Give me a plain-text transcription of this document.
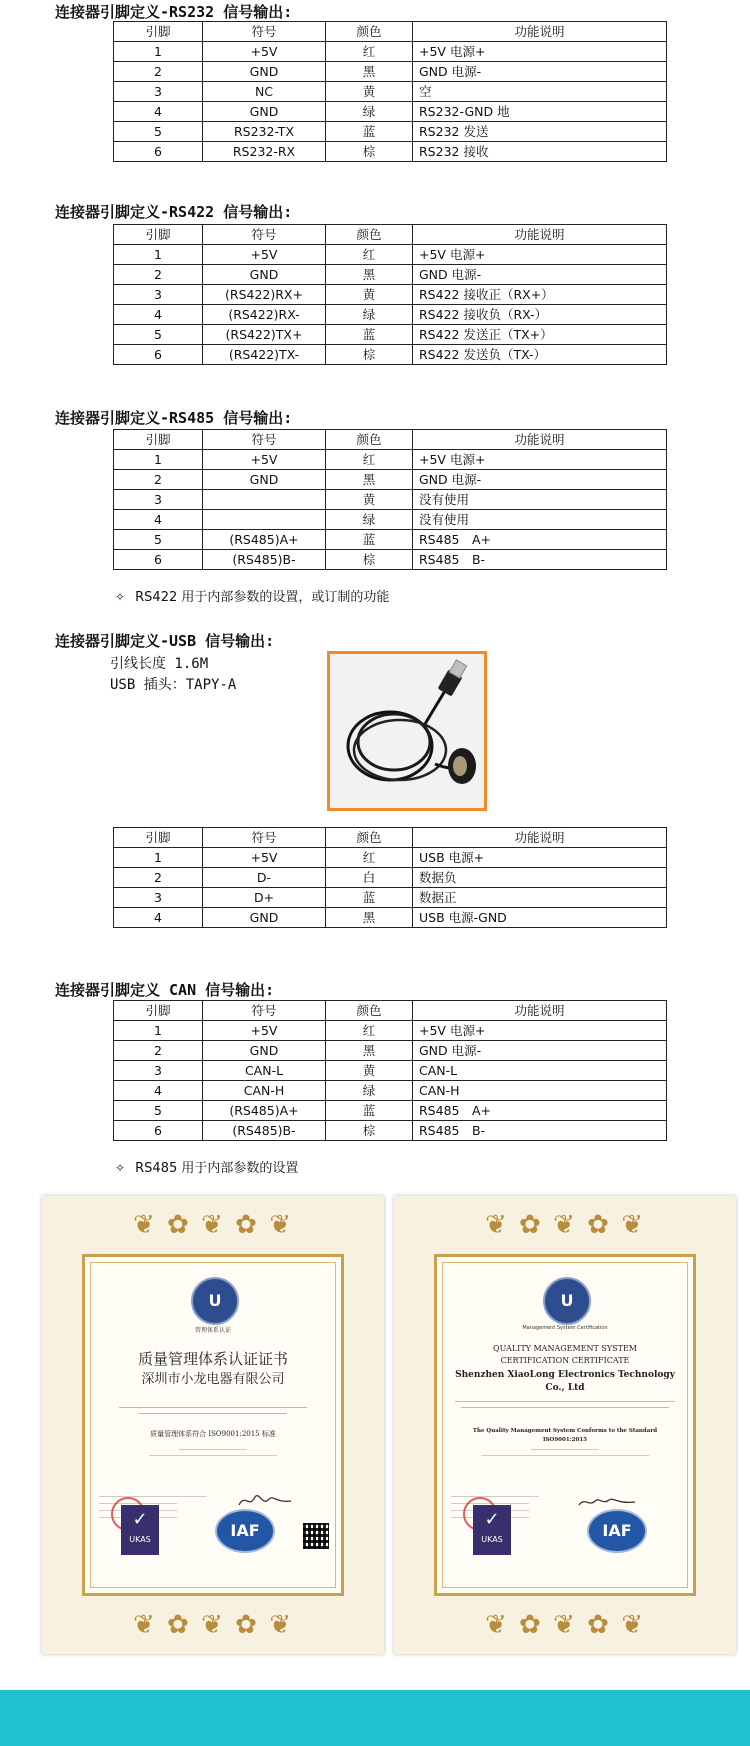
连接器引脚定义-RS232 信号输出:
引脚	符号	颜色	功能说明
1	+5V	红	+5V 电源+
2	GND	黑	GND 电源-
3	NC	黄	空
4	GND	绿	RS232-GND 地
5	RS232-TX	蓝	RS232 发送
6	RS232-RX	棕	RS232 接收
连接器引脚定义-RS422 信号输出:
引脚	符号	颜色	功能说明
1	+5V	红	+5V 电源+
2	GND	黑	GND 电源-
3	(RS422)RX+	黄	RS422 接收正（RX+）
4	(RS422)RX-	绿	RS422 接收负（RX-）
5	(RS422)TX+	蓝	RS422 发送正（TX+）
6	(RS422)TX-	棕	RS422 发送负（TX-）
连接器引脚定义-RS485 信号输出:
引脚	符号	颜色	功能说明
1	+5V	红	+5V 电源+
2	GND	黑	GND 电源-
3		黄	没有使用
4		绿	没有使用
5	(RS485)A+	蓝	RS485　A+
6	(RS485)B-	棕	RS485　B-
✧ RS422 用于内部参数的设置，或订制的功能
连接器引脚定义-USB 信号输出:
引线长度 1.6M
USB 插头：TAPY-A
引脚	符号	颜色	功能说明
1	+5V	红	USB 电源+
2	D-	白	数据负
3	D+	蓝	数据正
4	GND	黑	USB 电源-GND
连接器引脚定义 CAN 信号输出:
引脚	符号	颜色	功能说明
1	+5V	红	+5V 电源+
2	GND	黑	GND 电源-
3	CAN-L	黄	CAN-L
4	CAN-H	绿	CAN-H
5	(RS485)A+	蓝	RS485　A+
6	(RS485)B-	棕	RS485　B-
✧ RS485 用于内部参数的设置
❦ ✿ ❦ ✿ ❦
U
管理体系认证
质量管理体系认证证书
深圳市小龙电器有限公司
质量管理体系符合 ISO9001:2015 标准
✓
UKAS	IAF
❦ ✿ ❦ ✿ ❦
❦ ✿ ❦ ✿ ❦
U
Management System Certification
QUALITY MANAGEMENT SYSTEM
CERTIFICATION CERTIFICATE
Shenzhen XiaoLong Electronics Technology
Co., Ltd
The Quality Management System Conforms to the Standard
ISO9001:2015
✓
UKAS	IAF
❦ ✿ ❦ ✿ ❦
